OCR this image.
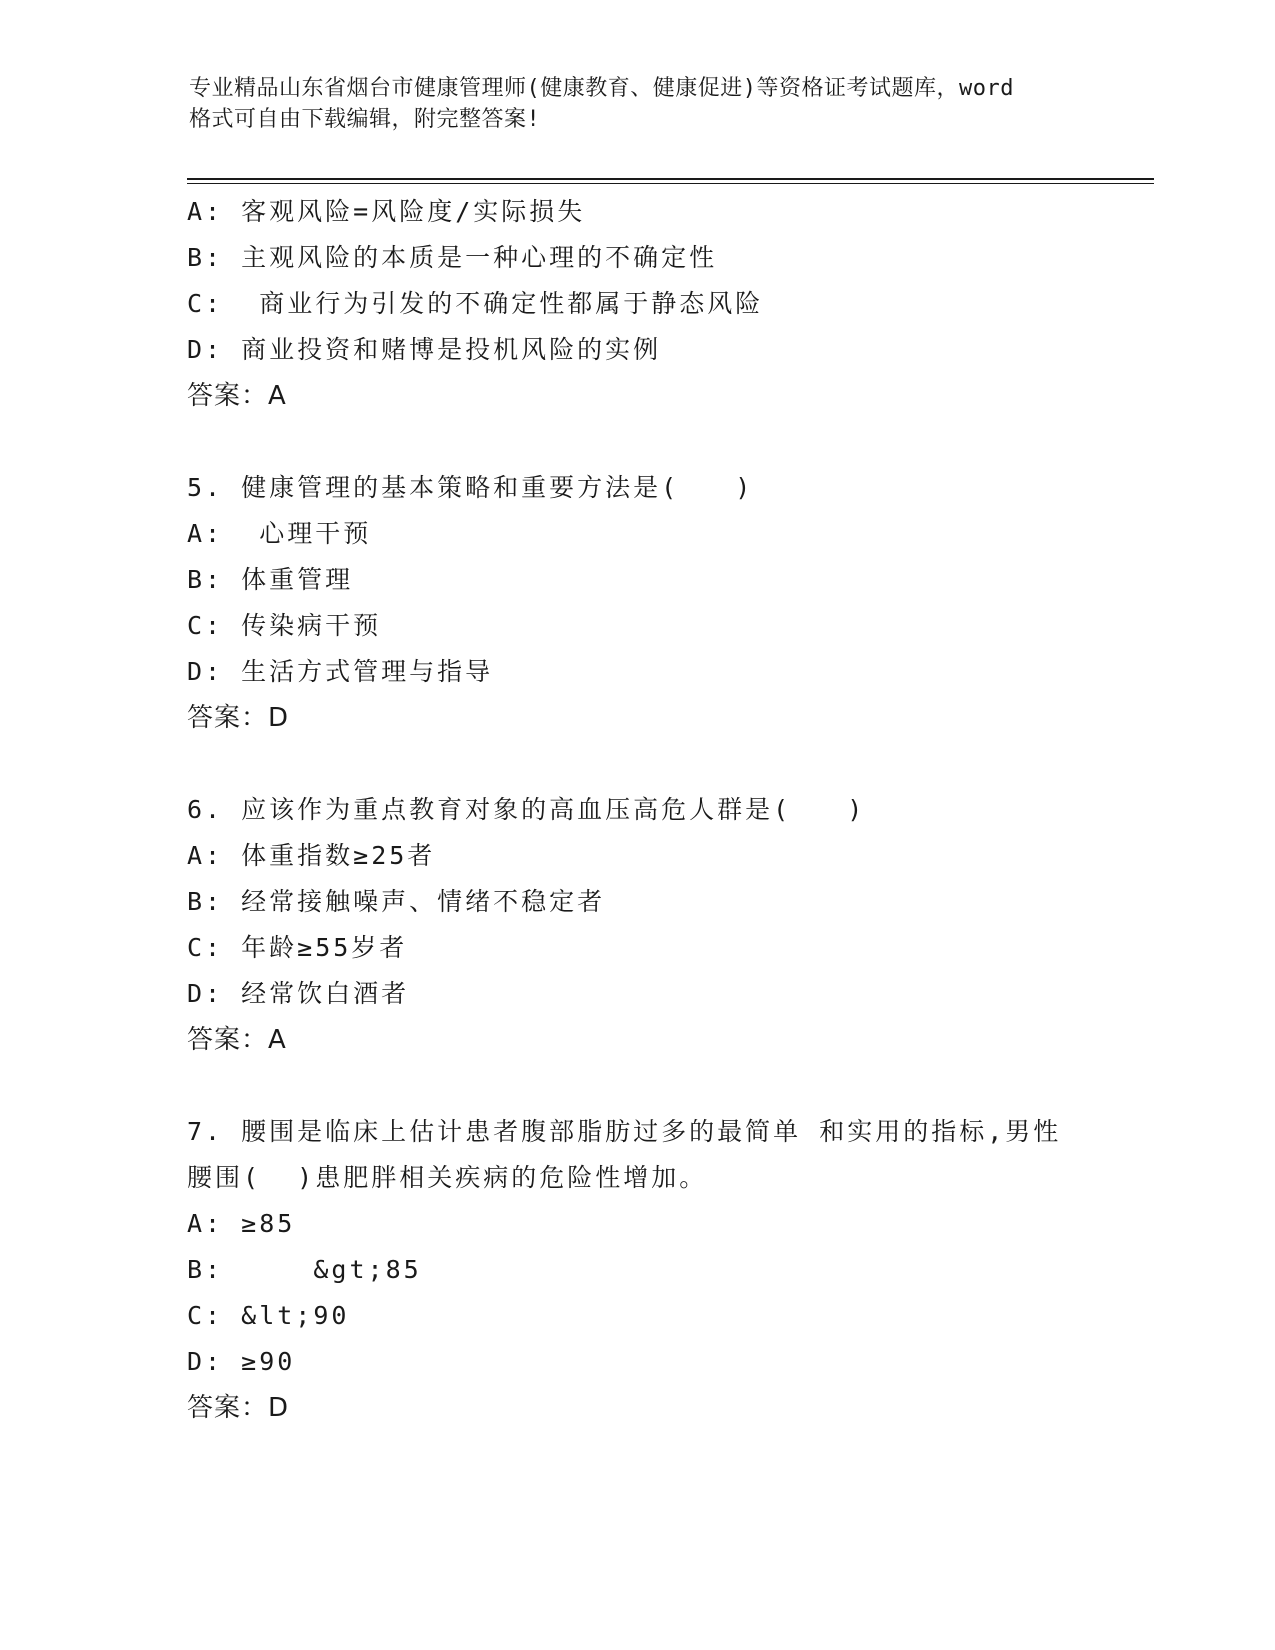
专业精品山东省烟台市健康管理师(健康教育、健康促进)等资格证考试题库，word
格式可自由下载编辑，附完整答案!
A: 客观风险=风险度/实际损失
B: 主观风险的本质是一种心理的不确定性
C:  商业行为引发的不确定性都属于静态风险
D: 商业投资和赌博是投机风险的实例
答案：A
5. 健康管理的基本策略和重要方法是(　　)
A:  心理干预
B: 体重管理
C: 传染病干预
D: 生活方式管理与指导
答案：D
6. 应该作为重点教育对象的高血压高危人群是(　　)
A: 体重指数≥25者
B: 经常接触噪声、情绪不稳定者
C: 年龄≥55岁者
D: 经常饮白酒者
答案：A
7. 腰围是临床上估计患者腹部脂肪过多的最简单 和实用的指标,男性
腰围(  )患肥胖相关疾病的危险性增加。
A: ≥85
B:     &gt;85
C: &lt;90
D: ≥90
答案：D
